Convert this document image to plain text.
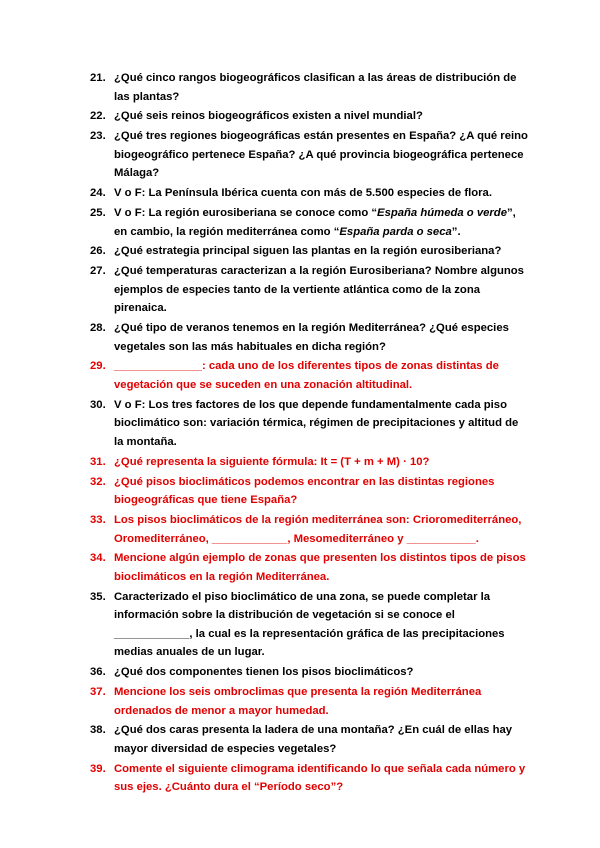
21. ¿Qué cinco rangos biogeográficos clasifican a las áreas de distribución de las plantas?
22. ¿Qué seis reinos biogeográficos existen a nivel mundial?
23. ¿Qué tres regiones biogeográficas están presentes en España? ¿A qué reino biogeográfico pertenece España? ¿A qué provincia biogeográfica pertenece Málaga?
24. V o F: La Península Ibérica cuenta con más de 5.500 especies de flora.
25. V o F: La región eurosiberiana se conoce como “España húmeda o verde”, en cambio, la región mediterránea como “España parda o seca”.
26. ¿Qué estrategia principal siguen las plantas en la región eurosiberiana?
27. ¿Qué temperaturas caracterizan a la región Eurosiberiana? Nombre algunos ejemplos de especies tanto de la vertiente atlántica como de la zona pirenaica.
28. ¿Qué tipo de veranos tenemos en la región Mediterránea? ¿Qué especies vegetales son las más habituales en dicha región?
29. ______________: cada uno de los diferentes tipos de zonas distintas de vegetación que se suceden en una zonación altitudinal.
30. V o F: Los tres factores de los que depende fundamentalmente cada piso bioclimático son: variación térmica, régimen de precipitaciones y altitud de la montaña.
31. ¿Qué representa la siguiente fórmula: It = (T + m + M) · 10?
32. ¿Qué pisos bioclimáticos podemos encontrar en las distintas regiones biogeográficas que tiene España?
33. Los pisos bioclimáticos de la región mediterránea son: Crioromediterráneo, Oromediterráneo, ____________, Mesomediterráneo y ___________.
34. Mencione algún ejemplo de zonas que presenten los distintos tipos de pisos bioclimáticos en la región Mediterránea.
35. Caracterizado el piso bioclimático de una zona, se puede completar la información sobre la distribución de vegetación si se conoce el ____________, la cual es la representación gráfica de las precipitaciones medias anuales de un lugar.
36. ¿Qué dos componentes tienen los pisos bioclimáticos?
37. Mencione los seis ombroclimas que presenta la región Mediterránea ordenados de menor a mayor humedad.
38. ¿Qué dos caras presenta la ladera de una montaña? ¿En cuál de ellas hay mayor diversidad de especies vegetales?
39. Comente el siguiente climograma identificando lo que señala cada número y sus ejes. ¿Cuánto dura el “Período seco”?
